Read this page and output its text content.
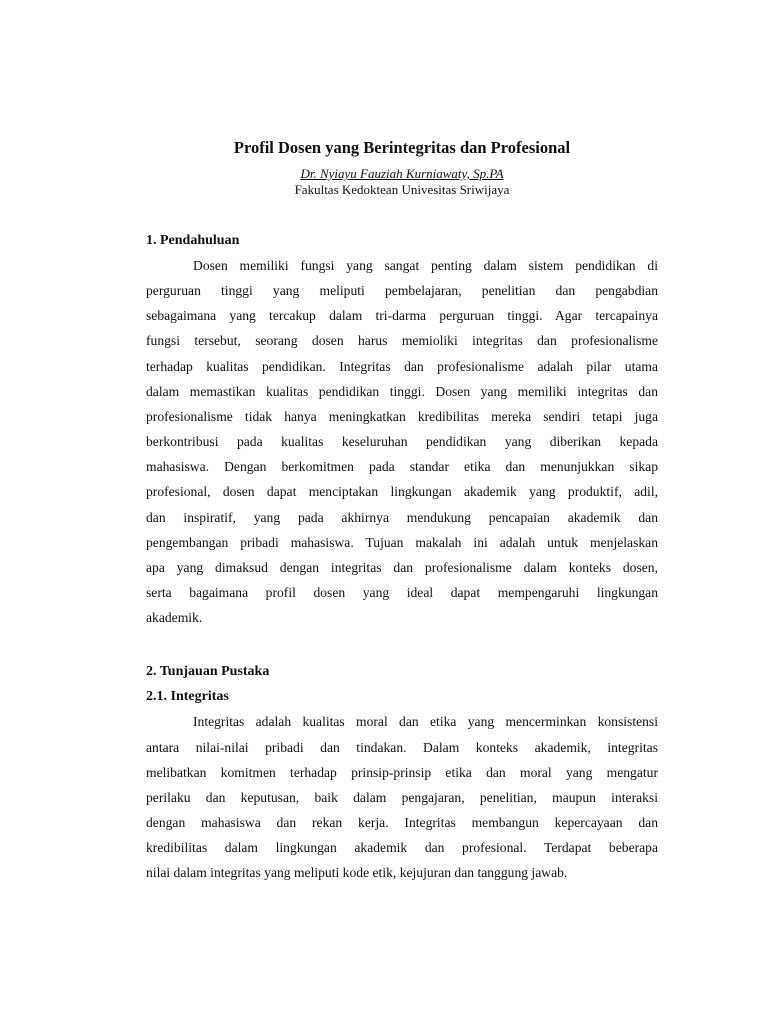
Profil Dosen yang Berintegritas dan Profesional
Dr. Nyiayu Fauziah Kurniawaty, Sp.PA
Fakultas Kedoktean Univesitas Sriwijaya
1. Pendahuluan
Dosen memiliki fungsi yang sangat penting dalam sistem pendidikan di
perguruan tinggi yang meliputi pembelajaran, penelitian dan pengabdian
sebagaimana yang tercakup dalam tri-darma perguruan tinggi. Agar tercapainya
fungsi tersebut, seorang dosen harus memioliki integritas dan profesionalisme
terhadap kualitas pendidikan. Integritas dan profesionalisme adalah pilar utama
dalam memastikan kualitas pendidikan tinggi. Dosen yang memiliki integritas dan
profesionalisme tidak hanya meningkatkan kredibilitas mereka sendiri tetapi juga
berkontribusi pada kualitas keseluruhan pendidikan yang diberikan kepada
mahasiswa. Dengan berkomitmen pada standar etika dan menunjukkan sikap
profesional, dosen dapat menciptakan lingkungan akademik yang produktif, adil,
dan inspiratif, yang pada akhirnya mendukung pencapaian akademik dan
pengembangan pribadi mahasiswa. Tujuan makalah ini adalah untuk menjelaskan
apa yang dimaksud dengan integritas dan profesionalisme dalam konteks dosen,
serta bagaimana profil dosen yang ideal dapat mempengaruhi lingkungan
akademik.
2. Tunjauan Pustaka
2.1. Integritas
Integritas adalah kualitas moral dan etika yang mencerminkan konsistensi
antara nilai-nilai pribadi dan tindakan. Dalam konteks akademik, integritas
melibatkan komitmen terhadap prinsip-prinsip etika dan moral yang mengatur
perilaku dan keputusan, baik dalam pengajaran, penelitian, maupun interaksi
dengan mahasiswa dan rekan kerja. Integritas membangun kepercayaan dan
kredibilitas dalam lingkungan akademik dan profesional. Terdapat beberapa
nilai dalam integritas yang meliputi kode etik, kejujuran dan tanggung jawab.
